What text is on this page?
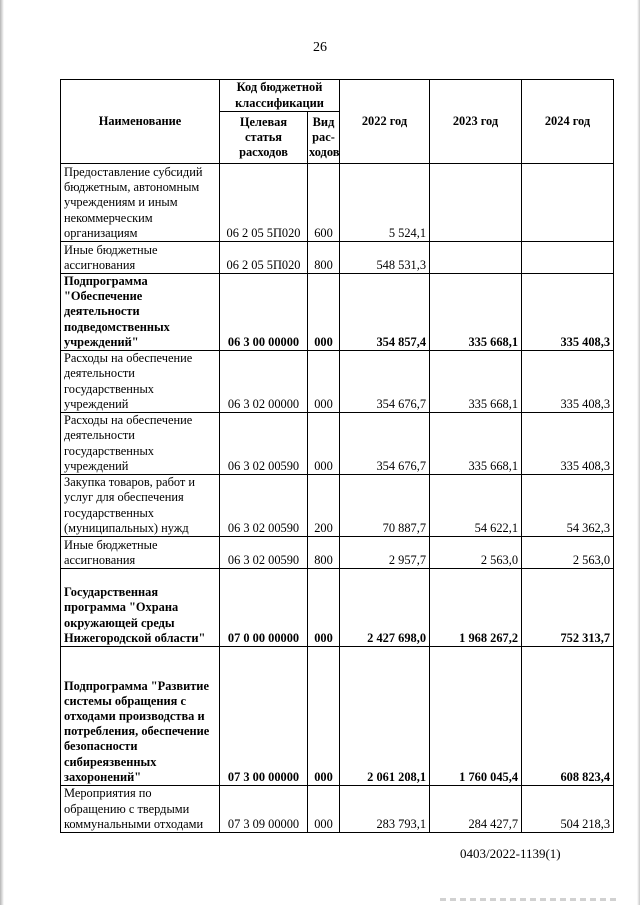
26
Наименование	Код бюджетной классификации		2022 год	2023 год	2024 год
	Целевая статья расходов	Вид рас-ходов			
Предоставление субсидий бюджетным, автономным учреждениям и иным некоммерческим организациям	06 2 05 5П020	600	5 524,1		
Иные бюджетные ассигнования	06 2 05 5П020	800	548 531,3		
Подпрограмма "Обеспечение деятельности подведомственных учреждений"	06 3 00 00000	000	354 857,4	335 668,1	335 408,3
Расходы на обеспечение деятельности государственных учреждений	06 3 02 00000	000	354 676,7	335 668,1	335 408,3
Расходы на обеспечение деятельности государственных учреждений	06 3 02 00590	000	354 676,7	335 668,1	335 408,3
Закупка товаров, работ и услуг для обеспечения государственных (муниципальных) нужд	06 3 02 00590	200	70 887,7	54 622,1	54 362,3
Иные бюджетные ассигнования	06 3 02 00590	800	2 957,7	2 563,0	2 563,0
Государственная программа "Охрана окружающей среды Нижегородской области"	07 0 00 00000	000	2 427 698,0	1 968 267,2	752 313,7
Подпрограмма "Развитие системы обращения с отходами производства и потребления, обеспечение безопасности сибиреязвенных захоронений"	07 3 00 00000	000	2 061 208,1	1 760 045,4	608 823,4
Мероприятия по обращению с твердыми коммунальными отходами	07 3 09 00000	000	283 793,1	284 427,7	504 218,3
0403/2022-1139(1)
